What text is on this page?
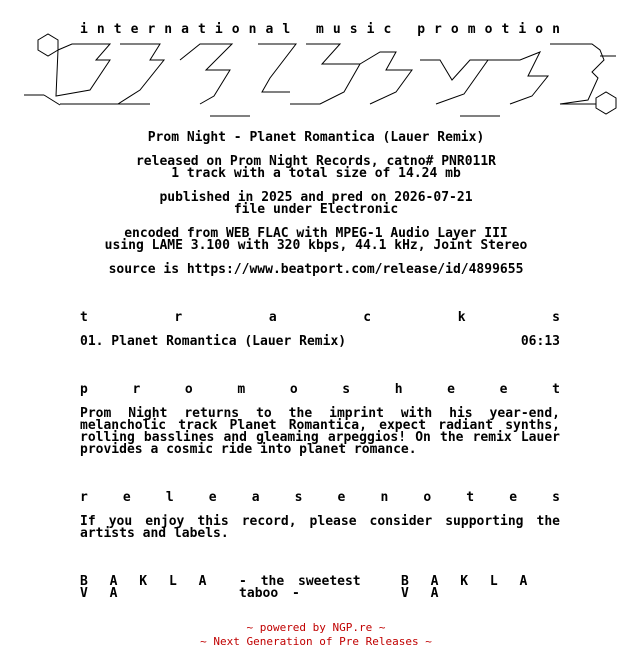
i n t e r n a t i o n a l
m u s i c
p r o m o t i o n
BAKLAVA
Prom Night - Planet Romantica (Lauer Remix)
released on Prom Night Records, catno# PNR011R
1 track with a total size of 14.24 mb
published in 2025 and pred on 2026-07-21
file under Electronic
encoded from WEB FLAC with MPEG-1 Audio Layer III
using LAME 3.100 with 320 kbps, 44.1 kHz, Joint Stereo
source is https://www.beatport.com/release/id/4899655
t	r	a	c	k	s
01. Planet Romantica (Lauer Remix)	06:13
p	r	o	m	o	s	h	e	e	t
Prom Night returns to the imprint with his year-end, melancholic track Planet Romantica, expect radiant synths, rolling basslines and gleaming arpeggios! On the remix Lauer provides a cosmic ride into planet romance.
r	e	l	e	a	s	e	n	o	t	e	s
If you enjoy this record, please consider supporting the artists and labels.
B A K L A V A
- the sweetest taboo -
B A K L A V A
~ powered by NGP.re ~
~ Next Generation of Pre Releases ~
